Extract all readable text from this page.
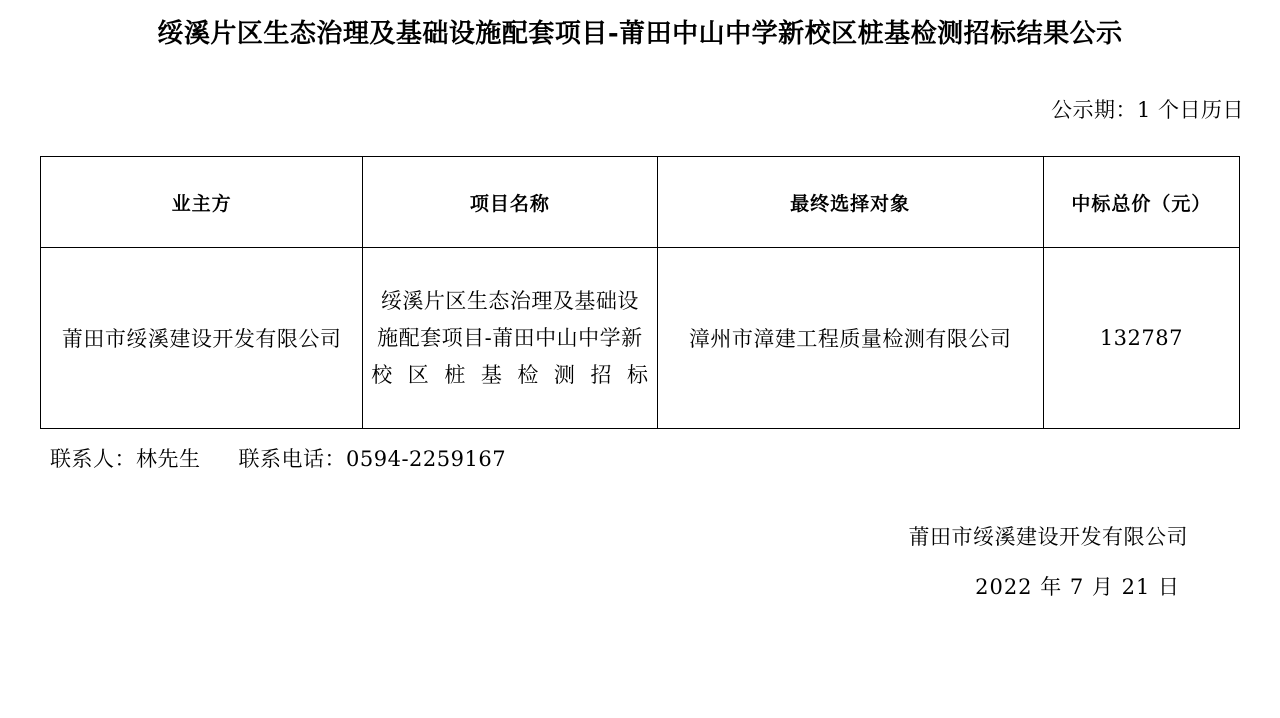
绥溪片区生态治理及基础设施配套项目-莆田中山中学新校区桩基检测招标结果公示
公示期：1 个日历日
业主方	项目名称	最终选择对象	中标总价（元）
莆田市绥溪建设开发有限公司	绥溪片区生态治理及基础设施配套项目-莆田中山中学新校区桩基检测招标	漳州市漳建工程质量检测有限公司	132787
联系人：林先生 联系电话：0594-2259167
莆田市绥溪建设开发有限公司
2022 年 7 月 21 日
